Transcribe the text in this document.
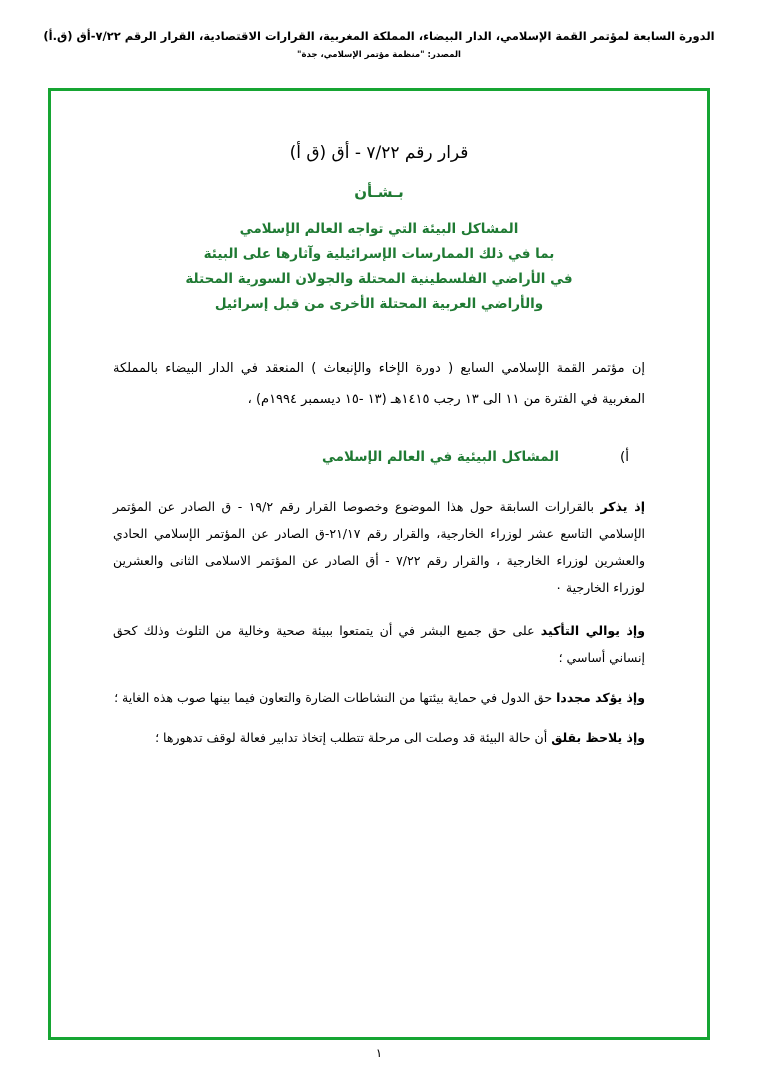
الدورة السابعة لمؤتمر القمة الإسلامي، الدار البيضاء، المملكة المغربية، القرارات الاقتصادية، القرار الرقم ٧/٢٢-أق (ق.أ)
المصدر: "منظمة مؤتمر الإسلامي، جدة"
قرار رقم ٧/٢٢ - أق (ق أ)
بـشـأن
المشاكل البيئة التي تواجه العالم الإسلامي
بما في ذلك الممارسات الإسرائيلية وآثارها على البيئة
في الأراضي الفلسطينية المحتلة والجولان السورية المحتلة
والأراضي العربية المحتلة الأخرى من قبل إسرائيل
إن مؤتمر القمة الإسلامي السابع ( دورة الإخاء والإنبعاث ) المنعقد في الدار البيضاء بالمملكة المغربية في الفترة من ١١ الى ١٣ رجب ١٤١٥هـ (١٣ -١٥ ديسمبر ١٩٩٤م) ،
أ)
المشاكل البيئية في العالم الإسلامي

إذ يذكر بالقرارات السابقة حول هذا الموضوع وخصوصا القرار رقم ١٩/٢ - ق الصادر عن المؤتمر الإسلامي التاسع عشر لوزراء الخارجية، والقرار رقم ٢١/١٧-ق الصادر عن المؤتمر الإسلامي الحادي والعشرين لوزراء الخارجية ، والقرار رقم ٧/٢٢ - أق الصادر عن المؤتمر الاسلامى الثانى والعشرين لوزراء الخارجية ٠

وإذ يوالي التأكيد على حق جميع البشر في أن يتمتعوا ببيئة صحية وخالية من التلوث وذلك كحق إنساني أساسي ؛

وإذ يؤكد مجددا حق الدول في حماية بيئتها من النشاطات الضارة والتعاون فيما بينها صوب هذه الغاية ؛

وإذ يلاحظ بقلق أن حالة البيئة قد وصلت الى مرحلة تتطلب إتخاذ تدابير فعالة لوقف تدهورها ؛

١
